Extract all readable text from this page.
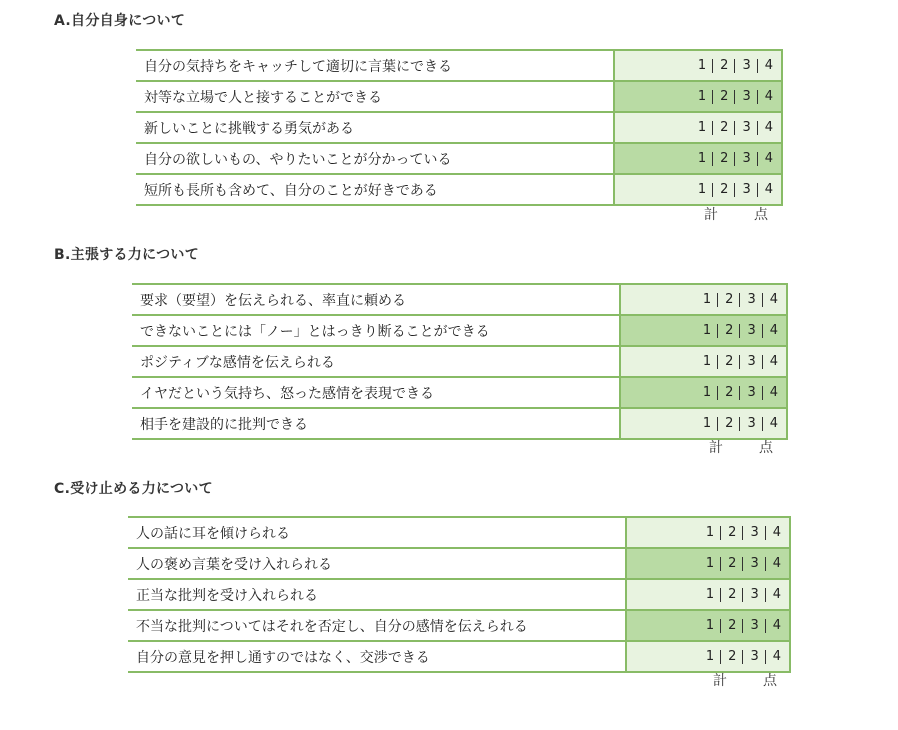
A.自分自身について
自分の気持ちをキャッチして適切に言葉にできる	1 2 3 4

対等な立場で人と接することができる	1 2 3 4

新しいことに挑戦する勇気がある	1 2 3 4

自分の欲しいもの、やりたいことが分かっている	1 2 3 4

短所も長所も含めて、自分のことが好きである	1 2 3 4
計	点
B.主張する力について
要求（要望）を伝えられる、率直に頼める	1 2 3 4

できないことには「ノー」とはっきり断ることができる	1 2 3 4

ポジティブな感情を伝えられる	1 2 3 4

イヤだという気持ち、怒った感情を表現できる	1 2 3 4

相手を建設的に批判できる	1 2 3 4
計	点
C.受け止める力について
人の話に耳を傾けられる	1 2 3 4

人の褒め言葉を受け入れられる	1 2 3 4

正当な批判を受け入れられる	1 2 3 4

不当な批判についてはそれを否定し、自分の感情を伝えられる	1 2 3 4

自分の意見を押し通すのではなく、交渉できる	1 2 3 4
計	点
